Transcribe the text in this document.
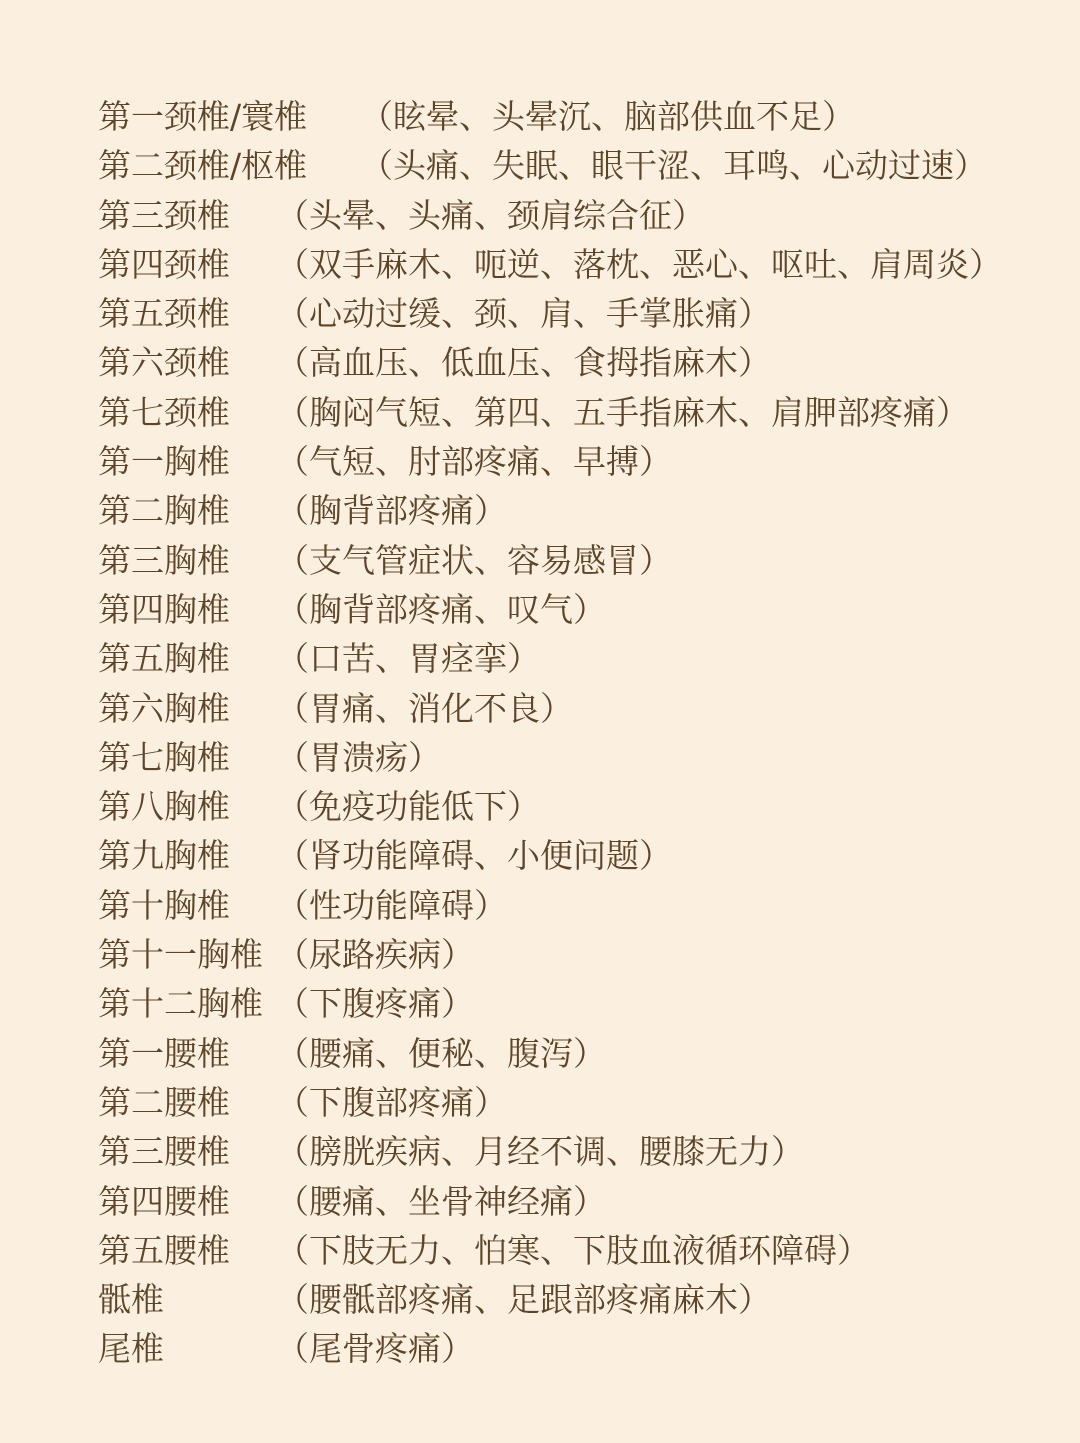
第一颈椎/寰椎 （眩晕、头晕沉、脑部供血不足）
第二颈椎/枢椎 （头痛、失眠、眼干涩、耳鸣、心动过速）
第三颈椎 （头晕、头痛、颈肩综合征）
第四颈椎 （双手麻木、呃逆、落枕、恶心、呕吐、肩周炎）
第五颈椎 （心动过缓、颈、肩、手掌胀痛）
第六颈椎 （高血压、低血压、食拇指麻木）
第七颈椎 （胸闷气短、第四、五手指麻木、肩胛部疼痛）
第一胸椎 （气短、肘部疼痛、早搏）
第二胸椎 （胸背部疼痛）
第三胸椎 （支气管症状、容易感冒）
第四胸椎 （胸背部疼痛、叹气）
第五胸椎 （口苦、胃痉挛）
第六胸椎 （胃痛、消化不良）
第七胸椎 （胃溃疡）
第八胸椎 （免疫功能低下）
第九胸椎 （肾功能障碍、小便问题）
第十胸椎 （性功能障碍）
第十一胸椎 （尿路疾病）
第十二胸椎 （下腹疼痛）
第一腰椎 （腰痛、便秘、腹泻）
第二腰椎 （下腹部疼痛）
第三腰椎 （膀胱疾病、月经不调、腰膝无力）
第四腰椎 （腰痛、坐骨神经痛）
第五腰椎 （下肢无力、怕寒、下肢血液循环障碍）
骶椎	（腰骶部疼痛、足跟部疼痛麻木）
尾椎	（尾骨疼痛）
